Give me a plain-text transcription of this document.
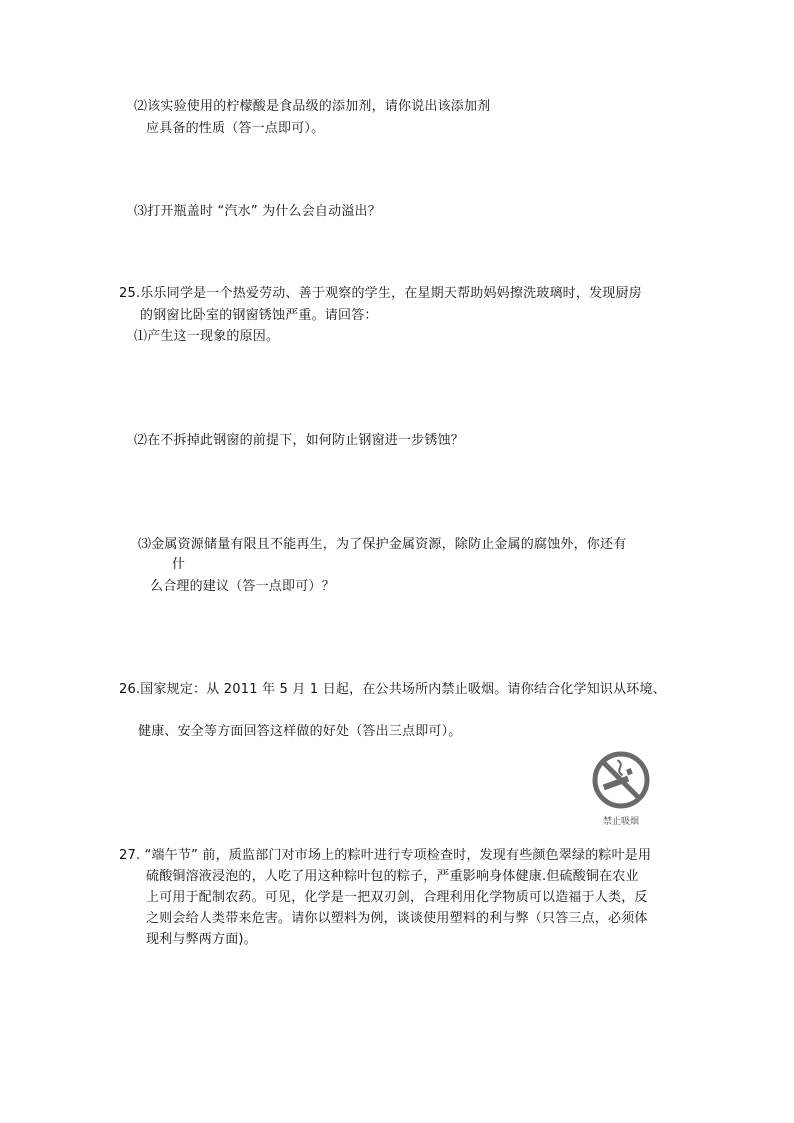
⑵该实验使用的柠檬酸是食品级的添加剂，请你说出该添加剂
应具备的性质（答一点即可）。
⑶打开瓶盖时 “汽水” 为什么会自动溢出？
25.乐乐同学是一个热爱劳动、善于观察的学生，在星期天帮助妈妈擦洗玻璃时，发现厨房
的钢窗比卧室的钢窗锈蚀严重。请回答：
⑴产生这一现象的原因。
⑵在不拆掉此钢窗的前提下，如何防止钢窗进一步锈蚀？
⑶金属资源储量有限且不能再生，为了保护金属资源，除防止金属的腐蚀外，你还有
什
么合理的建议（答一点即可）？
26.国家规定：从 2011 年 5 月 1 日起，在公共场所内禁止吸烟。请你结合化学知识从环境、
健康、安全等方面回答这样做的好处（答出三点即可）。
禁止吸烟
27. “端午节” 前，质监部门对市场上的粽叶进行专项检查时，发现有些颜色翠绿的粽叶是用
硫酸铜溶液浸泡的，人吃了用这种粽叶包的粽子，严重影响身体健康.但硫酸铜在农业
上可用于配制农药。可见，化学是一把双刃剑，合理利用化学物质可以造福于人类，反
之则会给人类带来危害。请你以塑料为例，谈谈使用塑料的利与弊（只答三点，必须体
现利与弊两方面)。
